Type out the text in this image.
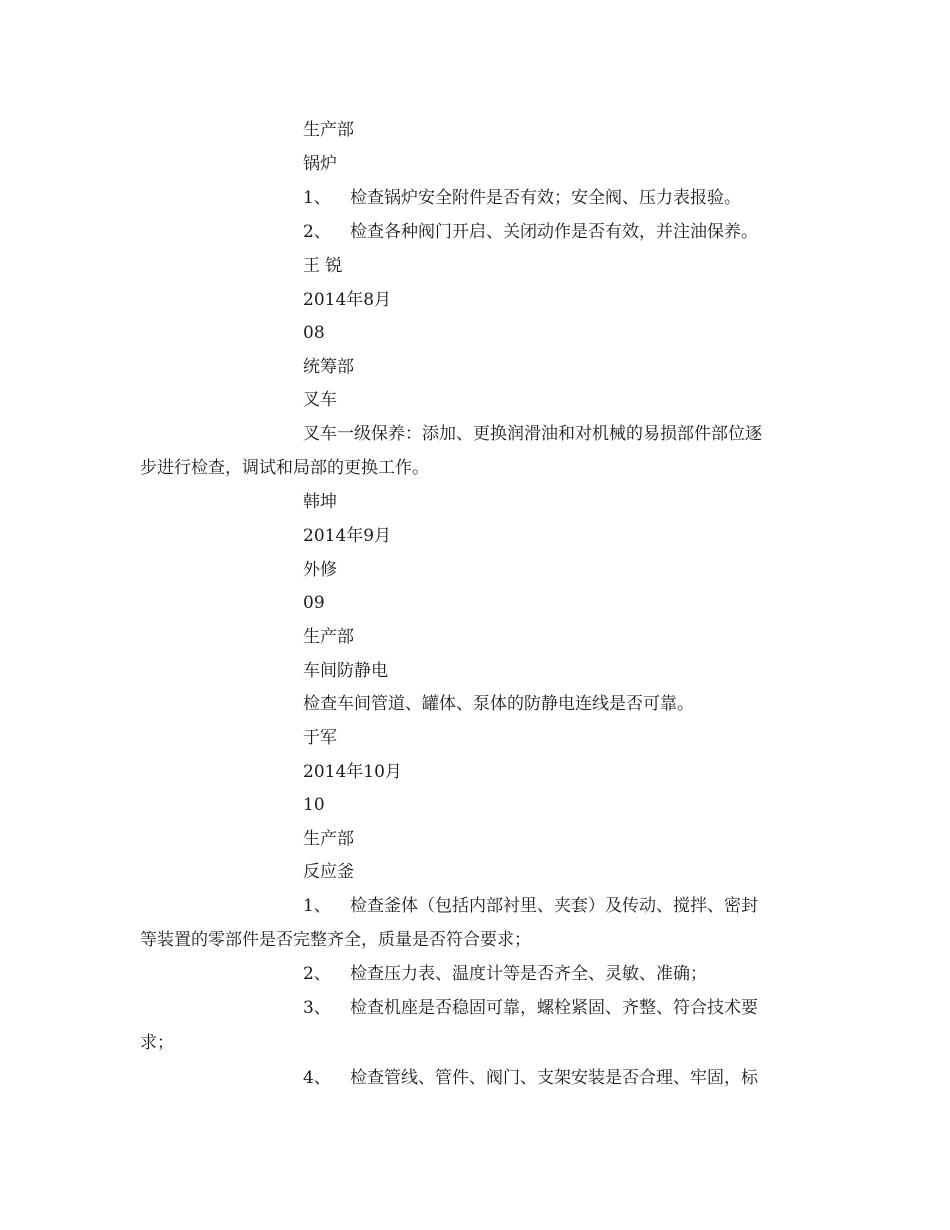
生产部
锅炉
1、 检查锅炉安全附件是否有效；安全阀、压力表报验。
2、 检查各种阀门开启、关闭动作是否有效，并注油保养。
王 锐
2014年8月
08
统筹部
叉车
叉车一级保养：添加、更换润滑油和对机械的易损部件部位逐
步进行检查，调试和局部的更换工作。
韩坤
2014年9月
外修
09
生产部
车间防静电
检查车间管道、罐体、泵体的防静电连线是否可靠。
于军
2014年10月
10
生产部
反应釜
1、 检查釜体（包括内部衬里、夹套）及传动、搅拌、密封
等装置的零部件是否完整齐全，质量是否符合要求；
2、 检查压力表、温度计等是否齐全、灵敏、准确；
3、 检查机座是否稳固可靠，螺栓紧固、齐整、符合技术要
求；
4、 检查管线、管件、阀门、支架安装是否合理、牢固，标
